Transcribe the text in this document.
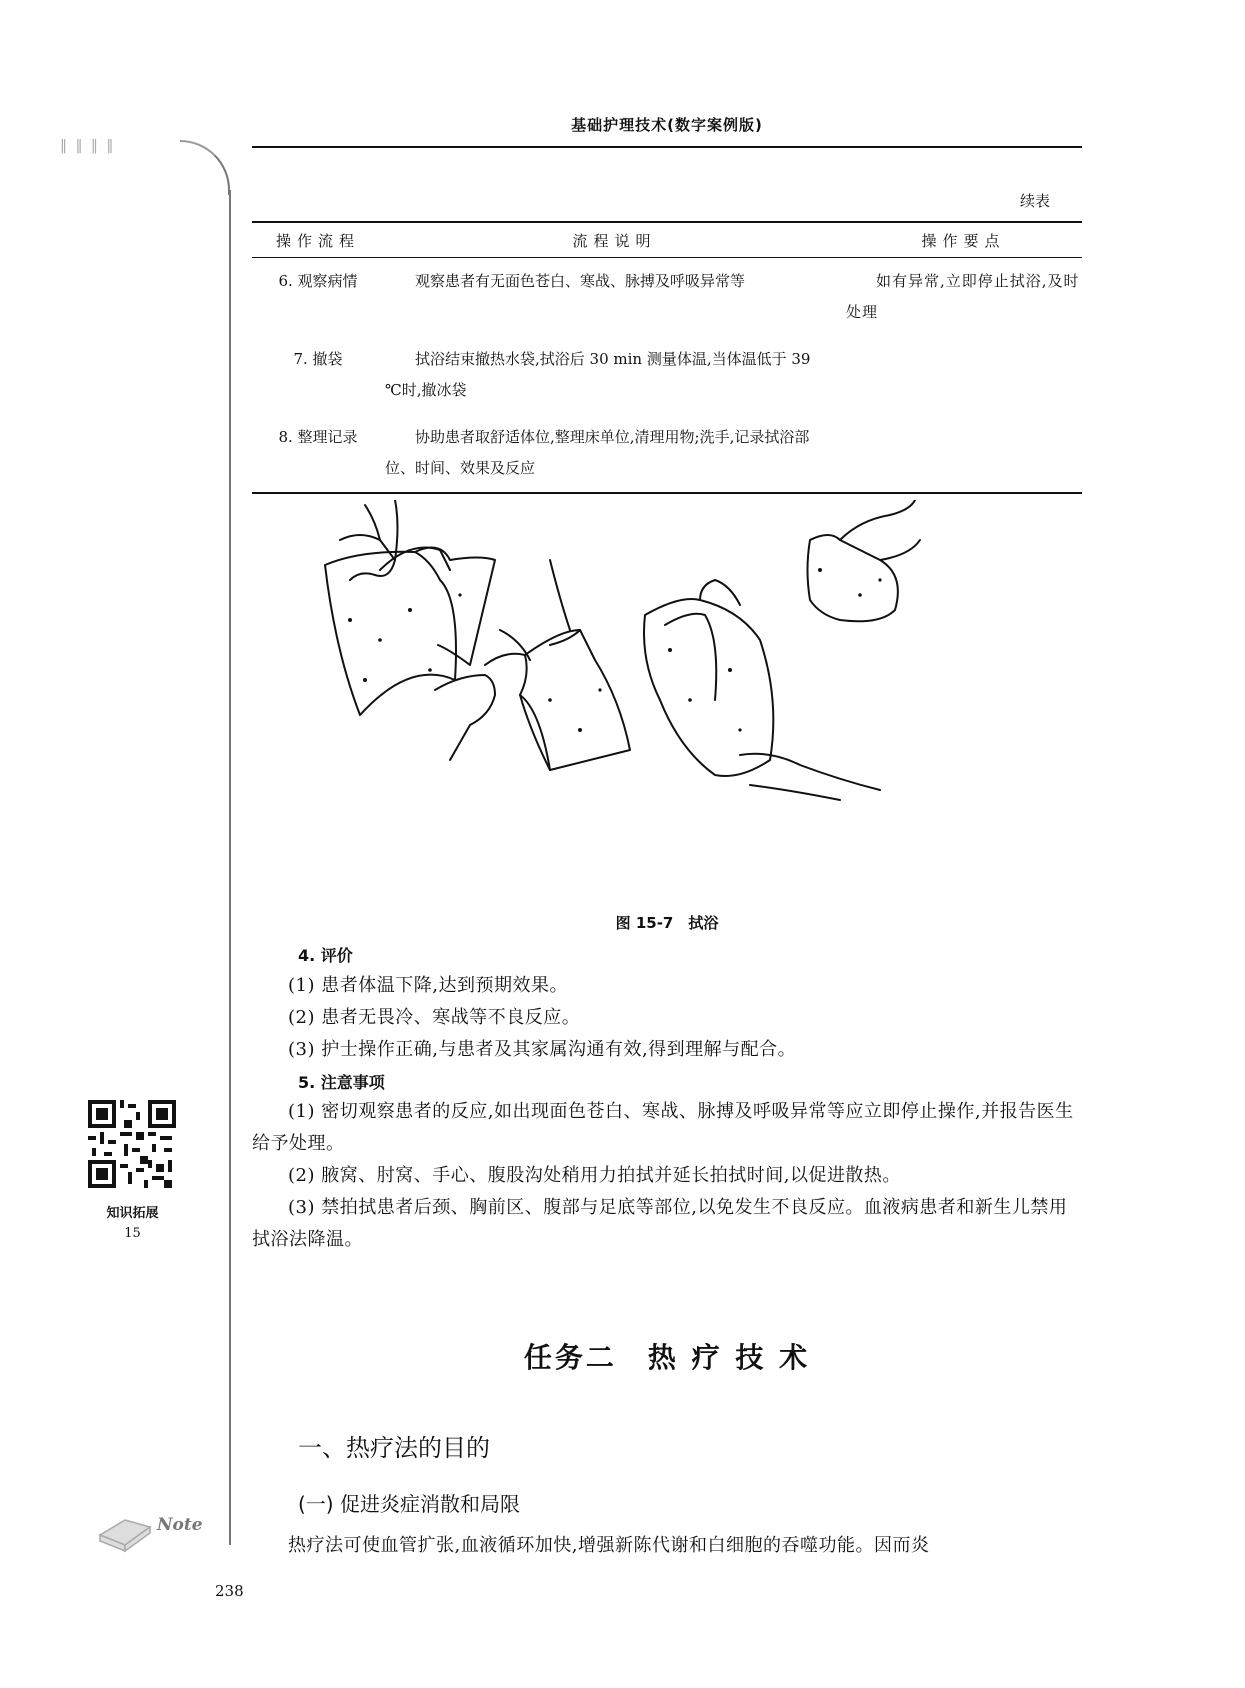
‖ ‖ ‖ ‖
基础护理技术(数字案例版)
续表
操作流程	流程说明	操作要点
6. 观察病情	观察患者有无面色苍白、寒战、脉搏及呼吸异常等	如有异常,立即停止拭浴,及时处理
7. 撤袋	拭浴结束撤热水袋,拭浴后 30 min 测量体温,当体温低于 39 ℃时,撤冰袋	
8. 整理记录	协助患者取舒适体位,整理床单位,清理用物;洗手,记录拭浴部位、时间、效果及反应	
图 15-7　拭浴
4. 评价
(1) 患者体温下降,达到预期效果。
(2) 患者无畏冷、寒战等不良反应。
(3) 护士操作正确,与患者及其家属沟通有效,得到理解与配合。
5. 注意事项
(1) 密切观察患者的反应,如出现面色苍白、寒战、脉搏及呼吸异常等应立即停止操作,并报告医生给予处理。
(2) 腋窝、肘窝、手心、腹股沟处稍用力拍拭并延长拍拭时间,以促进散热。
(3) 禁拍拭患者后颈、胸前区、腹部与足底等部位,以免发生不良反应。血液病患者和新生儿禁用拭浴法降温。
知识拓展
15
任务二　热 疗 技 术
一、热疗法的目的
(一) 促进炎症消散和局限
热疗法可使血管扩张,血液循环加快,增强新陈代谢和白细胞的吞噬功能。因而炎
Note
238
